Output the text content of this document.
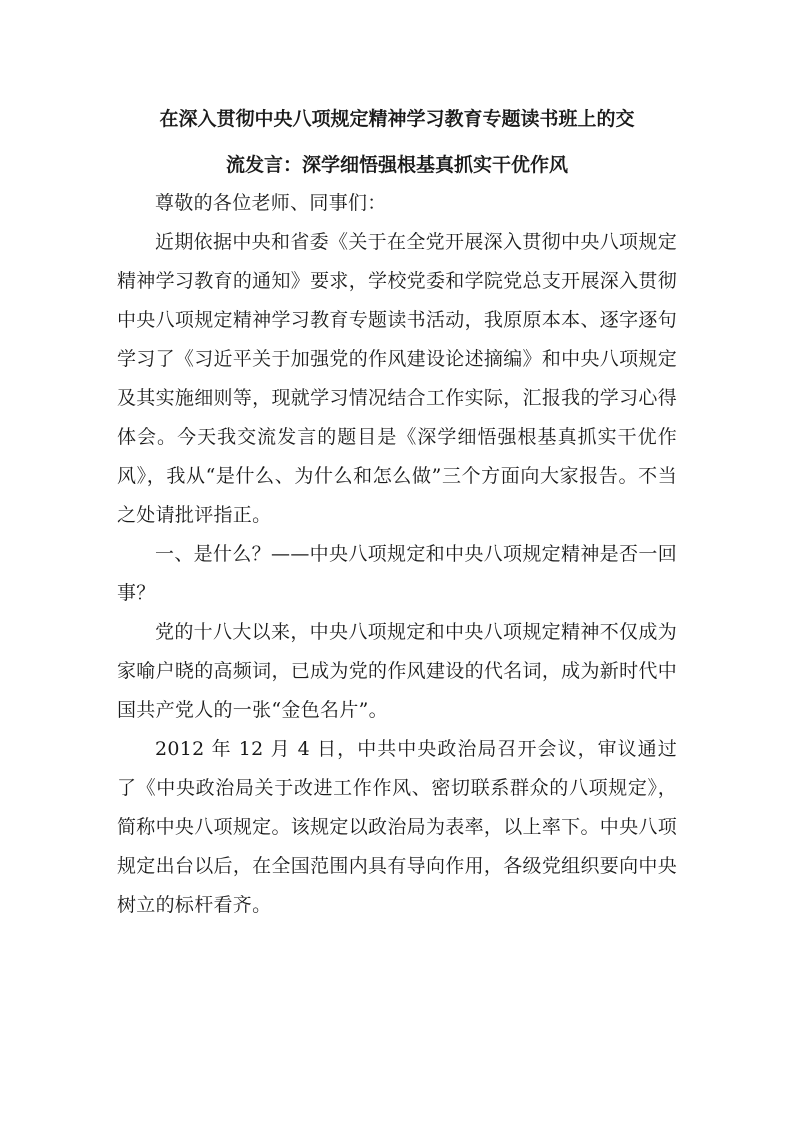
在深入贯彻中央八项规定精神学习教育专题读书班上的交
流发言：深学细悟强根基真抓实干优作风

尊敬的各位老师、同事们：

近期依据中央和省委《关于在全党开展深入贯彻中央八项规定精神学习教育的通知》要求，学校党委和学院党总支开展深入贯彻中央八项规定精神学习教育专题读书活动，我原原本本、逐字逐句学习了《习近平关于加强党的作风建设论述摘编》和中央八项规定及其实施细则等，现就学习情况结合工作实际，汇报我的学习心得体会。今天我交流发言的题目是《深学细悟强根基真抓实干优作风》，我从“是什么、为什么和怎么做”三个方面向大家报告。不当之处请批评指正。

一、是什么？——中央八项规定和中央八项规定精神是否一回事？

党的十八大以来，中央八项规定和中央八项规定精神不仅成为家喻户晓的高频词，已成为党的作风建设的代名词，成为新时代中国共产党人的一张“金色名片”。

2012 年 12 月 4 日，中共中央政治局召开会议，审议通过了《中央政治局关于改进工作作风、密切联系群众的八项规定》，简称中央八项规定。该规定以政治局为表率，以上率下。中央八项规定出台以后，在全国范围内具有导向作用，各级党组织要向中央树立的标杆看齐。
